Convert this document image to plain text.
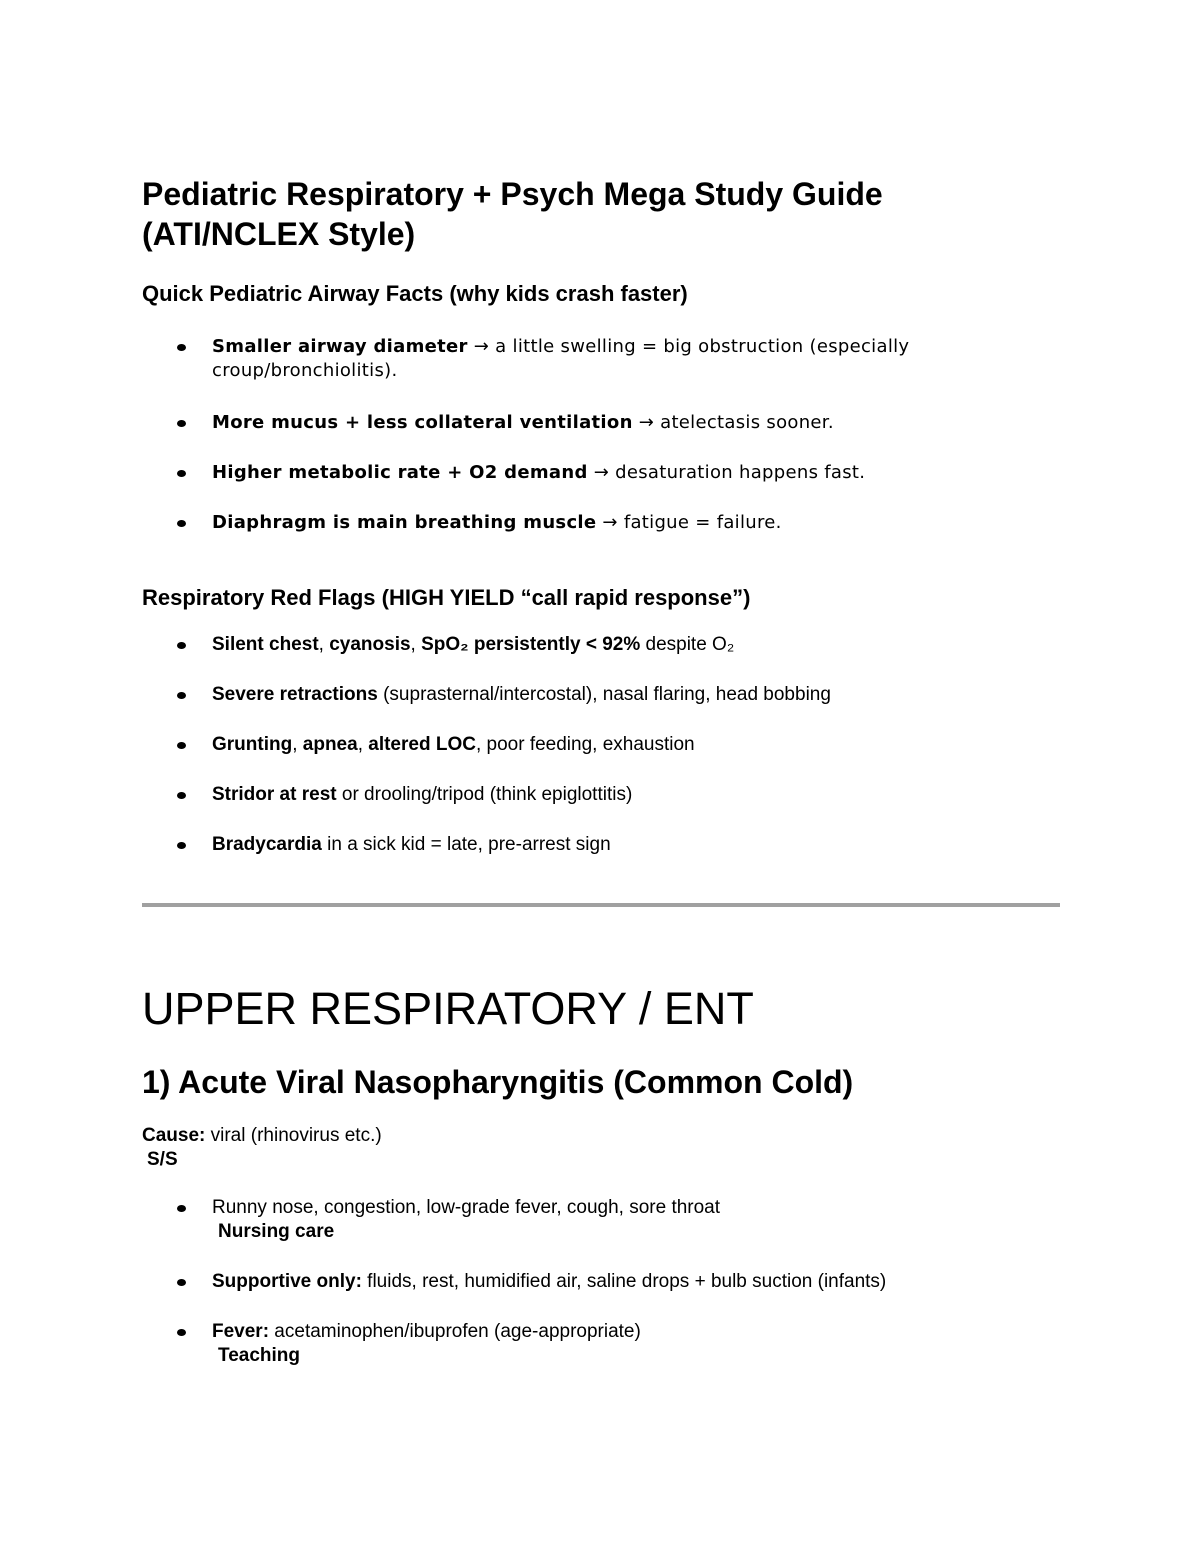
Pediatric Respiratory + Psych Mega Study Guide (ATI/NCLEX Style)
Quick Pediatric Airway Facts (why kids crash faster)
Smaller airway diameter → a little swelling = big obstruction (especially croup/bronchiolitis).
More mucus + less collateral ventilation → atelectasis sooner.
Higher metabolic rate + O2 demand → desaturation happens fast.
Diaphragm is main breathing muscle → fatigue = failure.
Respiratory Red Flags (HIGH YIELD “call rapid response”)
Silent chest, cyanosis, SpO₂ persistently < 92% despite O₂
Severe retractions (suprasternal/intercostal), nasal flaring, head bobbing
Grunting, apnea, altered LOC, poor feeding, exhaustion
Stridor at rest or drooling/tripod (think epiglottitis)
Bradycardia in a sick kid = late, pre-arrest sign
UPPER RESPIRATORY / ENT
1) Acute Viral Nasopharyngitis (Common Cold)

Cause: viral (rhinovirus etc.)

S/S

Runny nose, congestion, low-grade fever, cough, sore throat
Nursing care
Supportive only: fluids, rest, humidified air, saline drops + bulb suction (infants)
Fever: acetaminophen/ibuprofen (age-appropriate)
Teaching
